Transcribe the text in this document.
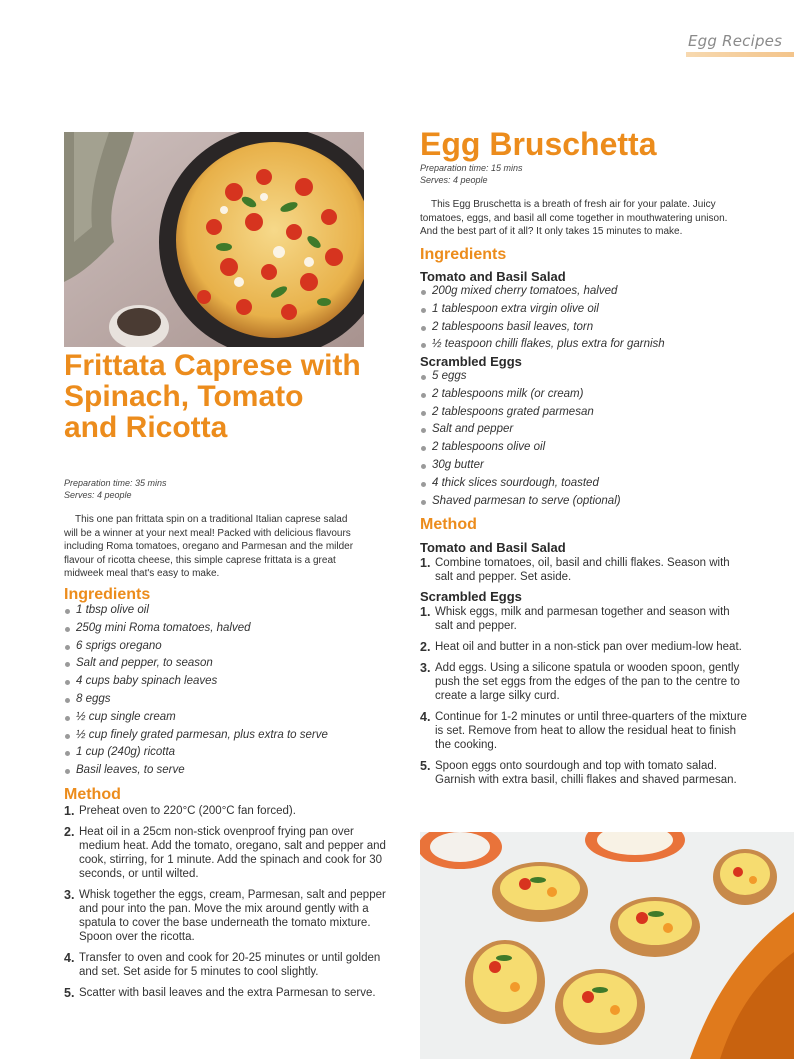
Egg Recipes
Frittata Caprese with Spinach, Tomato and Ricotta
Preparation time: 35 mins
Serves: 4 people

This one pan frittata spin on a traditional Italian caprese salad will be a winner at your next meal! Packed with delicious flavours including Roma tomatoes, oregano and Parmesan and the milder flavour of ricotta cheese, this simple caprese frittata is a great midweek meal that's easy to make.

Ingredients
1 tbsp olive oil
250g mini Roma tomatoes, halved
6 sprigs oregano
Salt and pepper, to season
4 cups baby spinach leaves
8 eggs
½ cup single cream
½ cup finely grated parmesan, plus extra to serve
1 cup (240g) ricotta
Basil leaves, to serve
Method
1. Preheat oven to 220°C (200°C fan forced).
2. Heat oil in a 25cm non-stick ovenproof frying pan over medium heat. Add the tomato, oregano, salt and pepper and cook, stirring, for 1 minute. Add the spinach and cook for 30 seconds, or until wilted.
3. Whisk together the eggs, cream, Parmesan, salt and pepper and pour into the pan. Move the mix around gently with a spatula to cover the base underneath the tomato mixture. Spoon over the ricotta.
4. Transfer to oven and cook for 20-25 minutes or until golden and set. Set aside for 5 minutes to cool slightly.
5. Scatter with basil leaves and the extra Parmesan to serve.
Egg Bruschetta
Preparation time: 15 mins
Serves: 4 people

This Egg Bruschetta is a breath of fresh air for your palate. Juicy tomatoes, eggs, and basil all come together in mouthwatering unison. And the best part of it all? It only takes 15 minutes to make.

Ingredients
Tomato and Basil Salad
200g mixed cherry tomatoes, halved
1 tablespoon extra virgin olive oil
2 tablespoons basil leaves, torn
½ teaspoon chilli flakes, plus extra for garnish
Scrambled Eggs
5 eggs
2 tablespoons milk (or cream)
2 tablespoons grated parmesan
Salt and pepper
2 tablespoons olive oil
30g butter
4 thick slices sourdough, toasted
Shaved parmesan to serve (optional)
Method
Tomato and Basil Salad
1. Combine tomatoes, oil, basil and chilli flakes. Season with salt and pepper. Set aside.
Scrambled Eggs
1. Whisk eggs, milk and parmesan together and season with salt and pepper.
2. Heat oil and butter in a non-stick pan over medium-low heat.
3. Add eggs. Using a silicone spatula or wooden spoon, gently push the set eggs from the edges of the pan to the centre to create a large silky curd.
4. Continue for 1-2 minutes or until three-quarters of the mixture is set. Remove from heat to allow the residual heat to finish the cooking.
5. Spoon eggs onto sourdough and top with tomato salad. Garnish with extra basil, chilli flakes and shaved parmesan.
